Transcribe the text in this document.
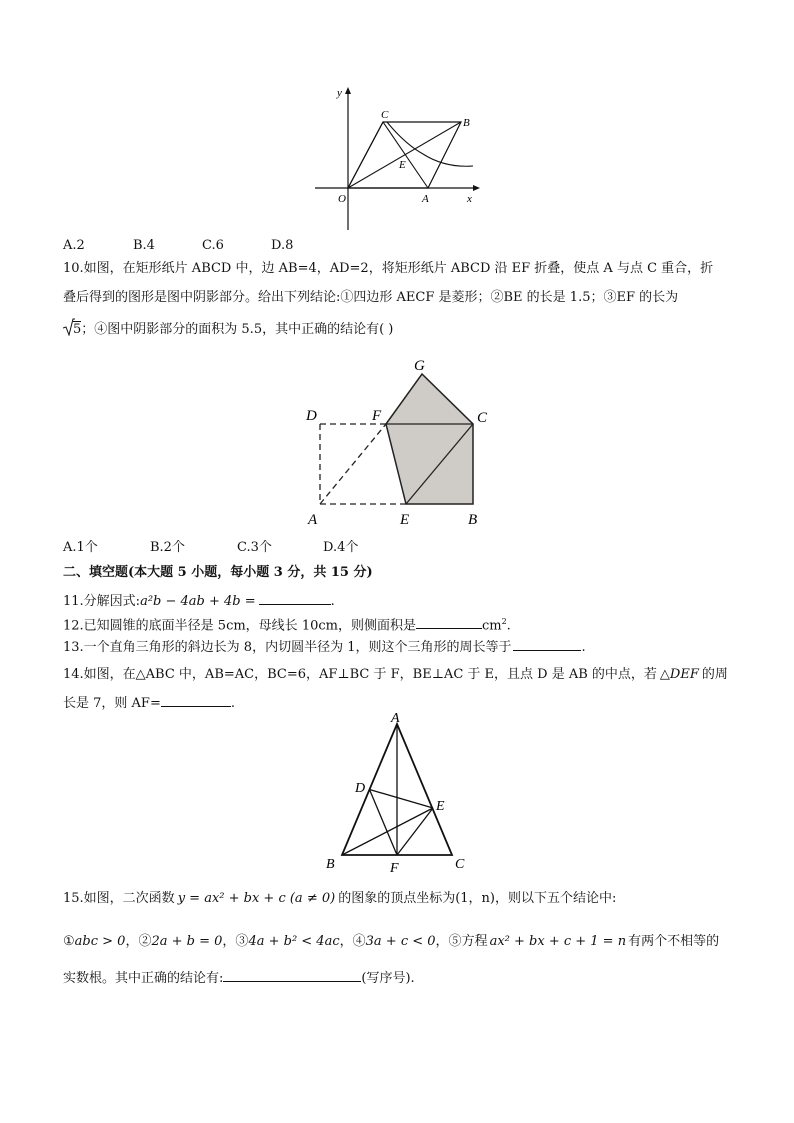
y
x
O	A
B
C
E
A.2	B.4	C.6	D.8
10.如图，在矩形纸片 ABCD 中，边 AB=4，AD=2，将矩形纸片 ABCD 沿 EF 折叠，使点 A 与点 C 重合，折
叠后得到的图形是图中阴影部分。给出下列结论:①四边形 AECF 是菱形；②BE 的长是 1.5；③EF 的长为
5；④图中阴影部分的面积为 5.5，其中正确的结论有( )
G
D	F	C
A	E	B
A.1个	B.2个	C.3个	D.4个
二、填空题(本大题 5 小题，每小题 3 分，共 15 分)
11.分解因式:a²b − 4ab + 4b =	.
12.已知圆锥的底面半径是 5cm，母线长 10cm，则侧面积是	$cm^2$.
13.一个直角三角形的斜边长为 8，内切圆半径为 1，则这个三角形的周长等于	.
14.如图，在△ABC 中，AB=AC，BC=6，AF⊥BC 于 F，BE⊥AC 于 E，且点 D 是 AB 的中点，若 △DEF 的周
长是 7，则 AF=	.
A
D
E
B	F	C
15.如图，二次函数 y = ax² + bx + c (a ≠ 0) 的图象的顶点坐标为(1，n)，则以下五个结论中:
①abc > 0，②2a + b = 0，③4a + b² < 4ac，④3a + c < 0，⑤方程 ax² + bx + c + 1 = n 有两个不相等的
实数根。其中正确的结论有:	(写序号).
